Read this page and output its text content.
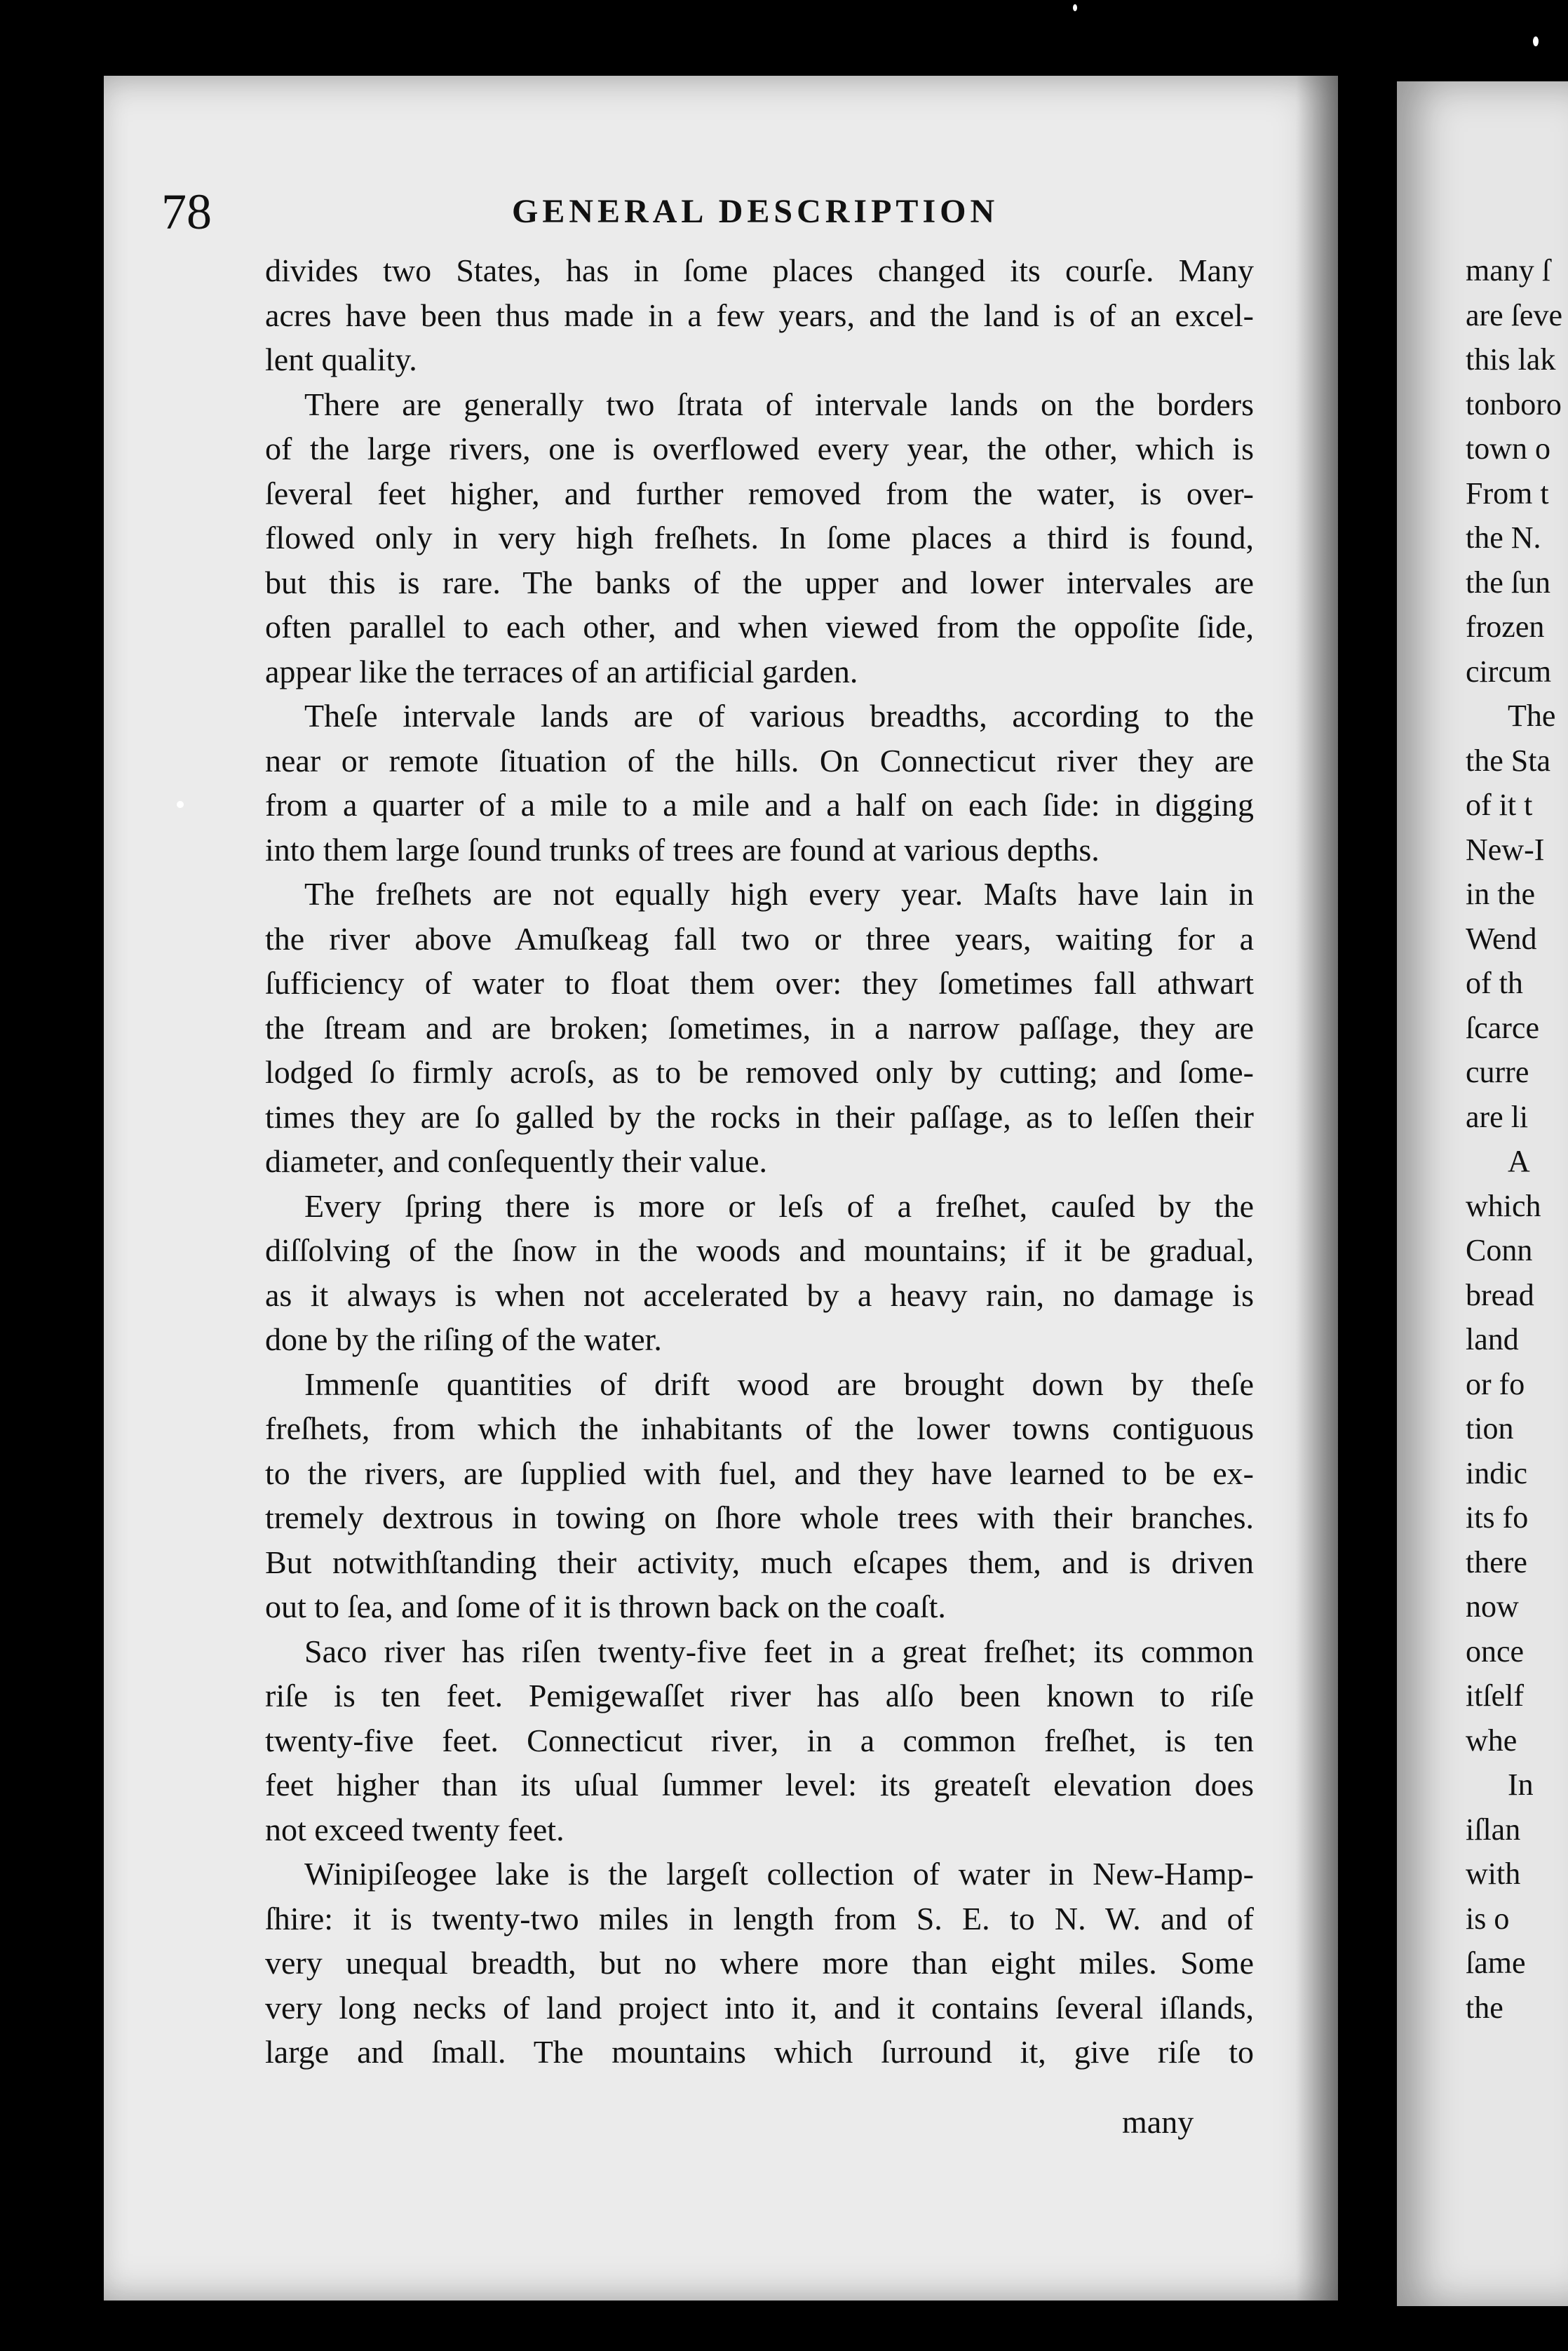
78	GENERAL DESCRIPTION
divides two States, has in ſome places changed its courſe. Many
acres have been thus made in a few years, and the land is of an excel-
lent quality.
There are generally two ſtrata of intervale lands on the borders
of the large rivers, one is overflowed every year, the other, which is
ſeveral feet higher, and further removed from the water, is over-
flowed only in very high freſhets. In ſome places a third is found,
but this is rare. The banks of the upper and lower intervales are
often parallel to each other, and when viewed from the oppoſite ſide,
appear like the terraces of an artificial garden.
Theſe intervale lands are of various breadths, according to the
near or remote ſituation of the hills. On Connecticut river they are
from a quarter of a mile to a mile and a half on each ſide: in digging
into them large ſound trunks of trees are found at various depths.
The freſhets are not equally high every year. Maſts have lain in
the river above Amuſkeag fall two or three years, waiting for a
ſufficiency of water to float them over: they ſometimes fall athwart
the ſtream and are broken; ſometimes, in a narrow paſſage, they are
lodged ſo firmly acroſs, as to be removed only by cutting; and ſome-
times they are ſo galled by the rocks in their paſſage, as to leſſen their
diameter, and conſequently their value.
Every ſpring there is more or leſs of a freſhet, cauſed by the
diſſolving of the ſnow in the woods and mountains; if it be gradual,
as it always is when not accelerated by a heavy rain, no damage is
done by the riſing of the water.
Immenſe quantities of drift wood are brought down by theſe
freſhets, from which the inhabitants of the lower towns contiguous
to the rivers, are ſupplied with fuel, and they have learned to be ex-
tremely dextrous in towing on ſhore whole trees with their branches.
But notwithſtanding their activity, much eſcapes them, and is driven
out to ſea, and ſome of it is thrown back on the coaſt.
Saco river has riſen twenty-five feet in a great freſhet; its common
riſe is ten feet. Pemigewaſſet river has alſo been known to riſe
twenty-five feet. Connecticut river, in a common freſhet, is ten
feet higher than its uſual ſummer level: its greateſt elevation does
not exceed twenty feet.
Winipiſeogee lake is the largeſt collection of water in New-Hamp-
ſhire: it is twenty-two miles in length from S. E. to N. W. and of
very unequal breadth, but no where more than eight miles. Some
very long necks of land project into it, and it contains ſeveral iſlands,
large and ſmall. The mountains which ſurround it, give riſe to
many
many ſ
are ſeve
this lak
tonboro
town o
From t
the N.
the ſun
frozen
circum
The
the Sta
of it t
New-I
in the
Wend
of th
ſcarce
curre
are li
A
which
Conn
bread
land
or fo
tion
indic
its fo
there
now
once
itſelf
whe
In
iſlan
with
is o
ſame
the
